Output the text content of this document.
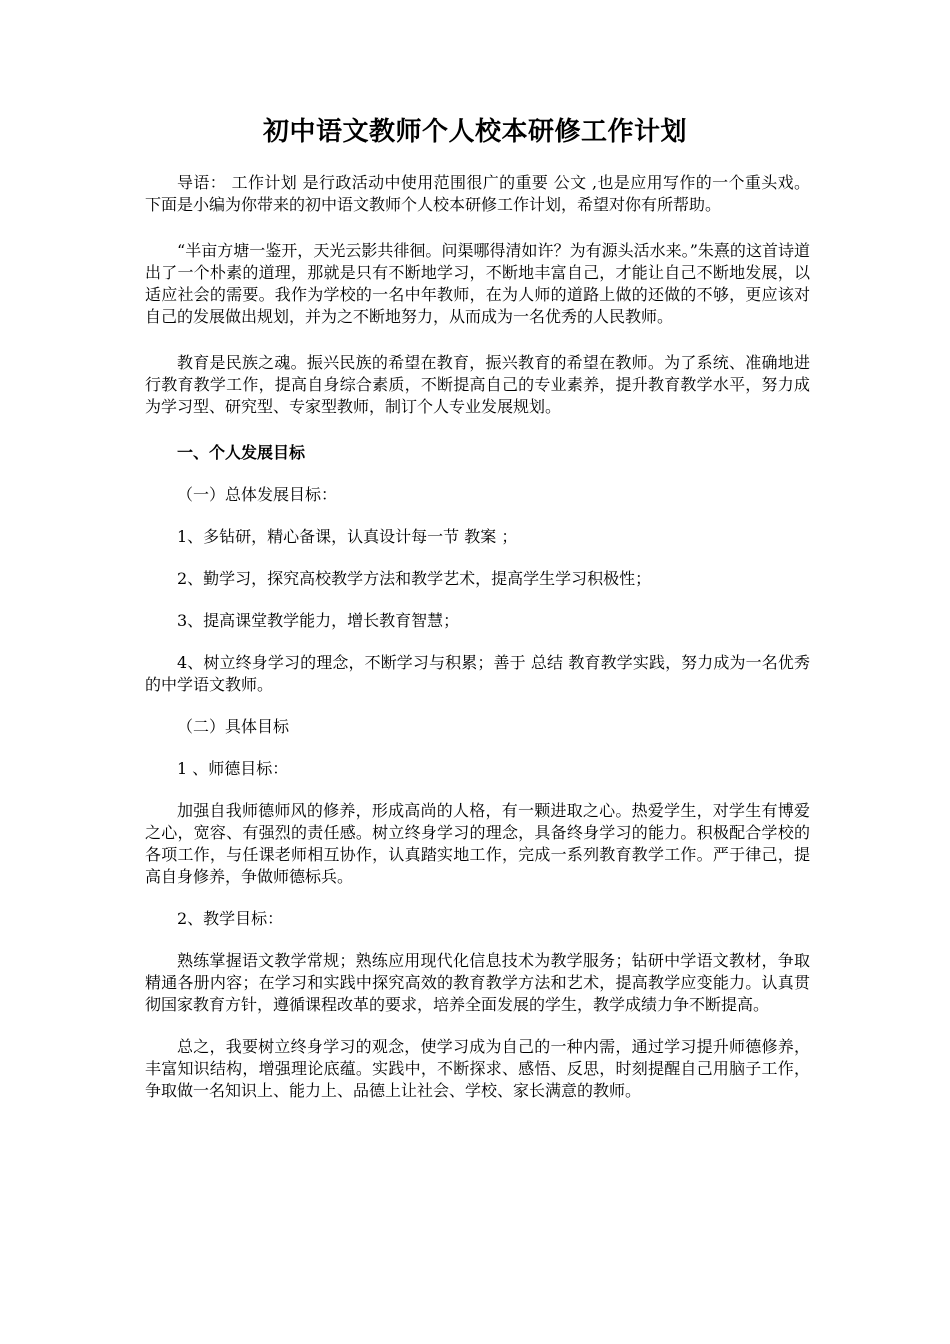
初中语文教师个人校本研修工作计划

导语： 工作计划 是行政活动中使用范围很广的重要 公文 ,也是应用写作的一个重头戏。下面是小编为你带来的初中语文教师个人校本研修工作计划，希望对你有所帮助。

“半亩方塘一鉴开，天光云影共徘徊。问渠哪得清如许？为有源头活水来。”朱熹的这首诗道出了一个朴素的道理，那就是只有不断地学习，不断地丰富自己，才能让自己不断地发展，以适应社会的需要。我作为学校的一名中年教师，在为人师的道路上做的还做的不够，更应该对自己的发展做出规划，并为之不断地努力，从而成为一名优秀的人民教师。

教育是民族之魂。振兴民族的希望在教育，振兴教育的希望在教师。为了系统、准确地进行教育教学工作，提高自身综合素质，不断提高自己的专业素养，提升教育教学水平，努力成为学习型、研究型、专家型教师，制订个人专业发展规划。

一、个人发展目标

（一）总体发展目标：

1、多钻研，精心备课，认真设计每一节 教案 ；

2、勤学习，探究高校教学方法和教学艺术，提高学生学习积极性；

3、提高课堂教学能力，增长教育智慧；

4、树立终身学习的理念，不断学习与积累；善于 总结 教育教学实践，努力成为一名优秀的中学语文教师。

（二）具体目标

1 、师德目标：

加强自我师德师风的修养，形成高尚的人格，有一颗进取之心。热爱学生，对学生有博爱之心，宽容、有强烈的责任感。树立终身学习的理念，具备终身学习的能力。积极配合学校的各项工作，与任课老师相互协作，认真踏实地工作，完成一系列教育教学工作。严于律己，提高自身修养，争做师德标兵。

2、教学目标：

熟练掌握语文教学常规；熟练应用现代化信息技术为教学服务；钻研中学语文教材，争取精通各册内容；在学习和实践中探究高效的教育教学方法和艺术，提高教学应变能力。认真贯彻国家教育方针，遵循课程改革的要求，培养全面发展的学生，教学成绩力争不断提高。

总之，我要树立终身学习的观念，使学习成为自己的一种内需，通过学习提升师德修养，丰富知识结构，增强理论底蕴。实践中，不断探求、感悟、反思，时刻提醒自己用脑子工作，争取做一名知识上、能力上、品德上让社会、学校、家长满意的教师。
